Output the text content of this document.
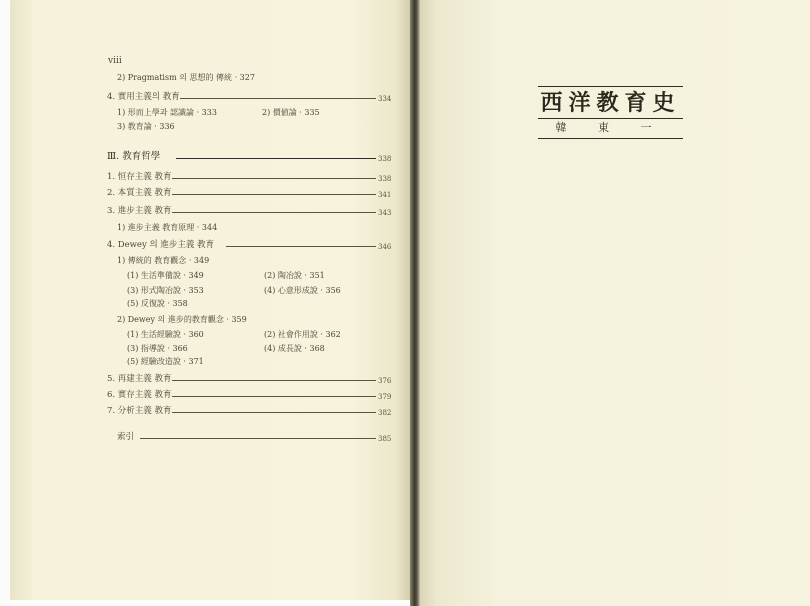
viii
2) Pragmatism 의 思想的 傳統 · 327
4. 實用主義의 教育	334
1) 形而上學과 認識論 · 333	2) 價値論 · 335
3) 教育論 · 336
Ⅲ. 教育哲學	338
1. 恒存主義 教育	338
2. 本質主義 教育	341
3. 進步主義 教育	343
1) 進步主義 教育原理 · 344
4. Dewey 의 進步主義 教育	346
1) 傳統的 教育觀念 · 349
(1) 生活準備說 · 349	(2) 陶冶說 · 351
(3) 形式陶冶說 · 353	(4) 心意形成說 · 356
(5) 反復說 · 358
2) Dewey 의 進步的教育觀念 · 359
(1) 生活經驗說 · 360	(2) 社會作用說 · 362
(3) 指導說 · 366	(4) 成長說 · 368
(5) 經驗改造說 · 371
5. 再建主義 教育	376
6. 實存主義 教育	379
7. 分析主義 教育	382
索引	385
西洋教育史
韓 東 一
